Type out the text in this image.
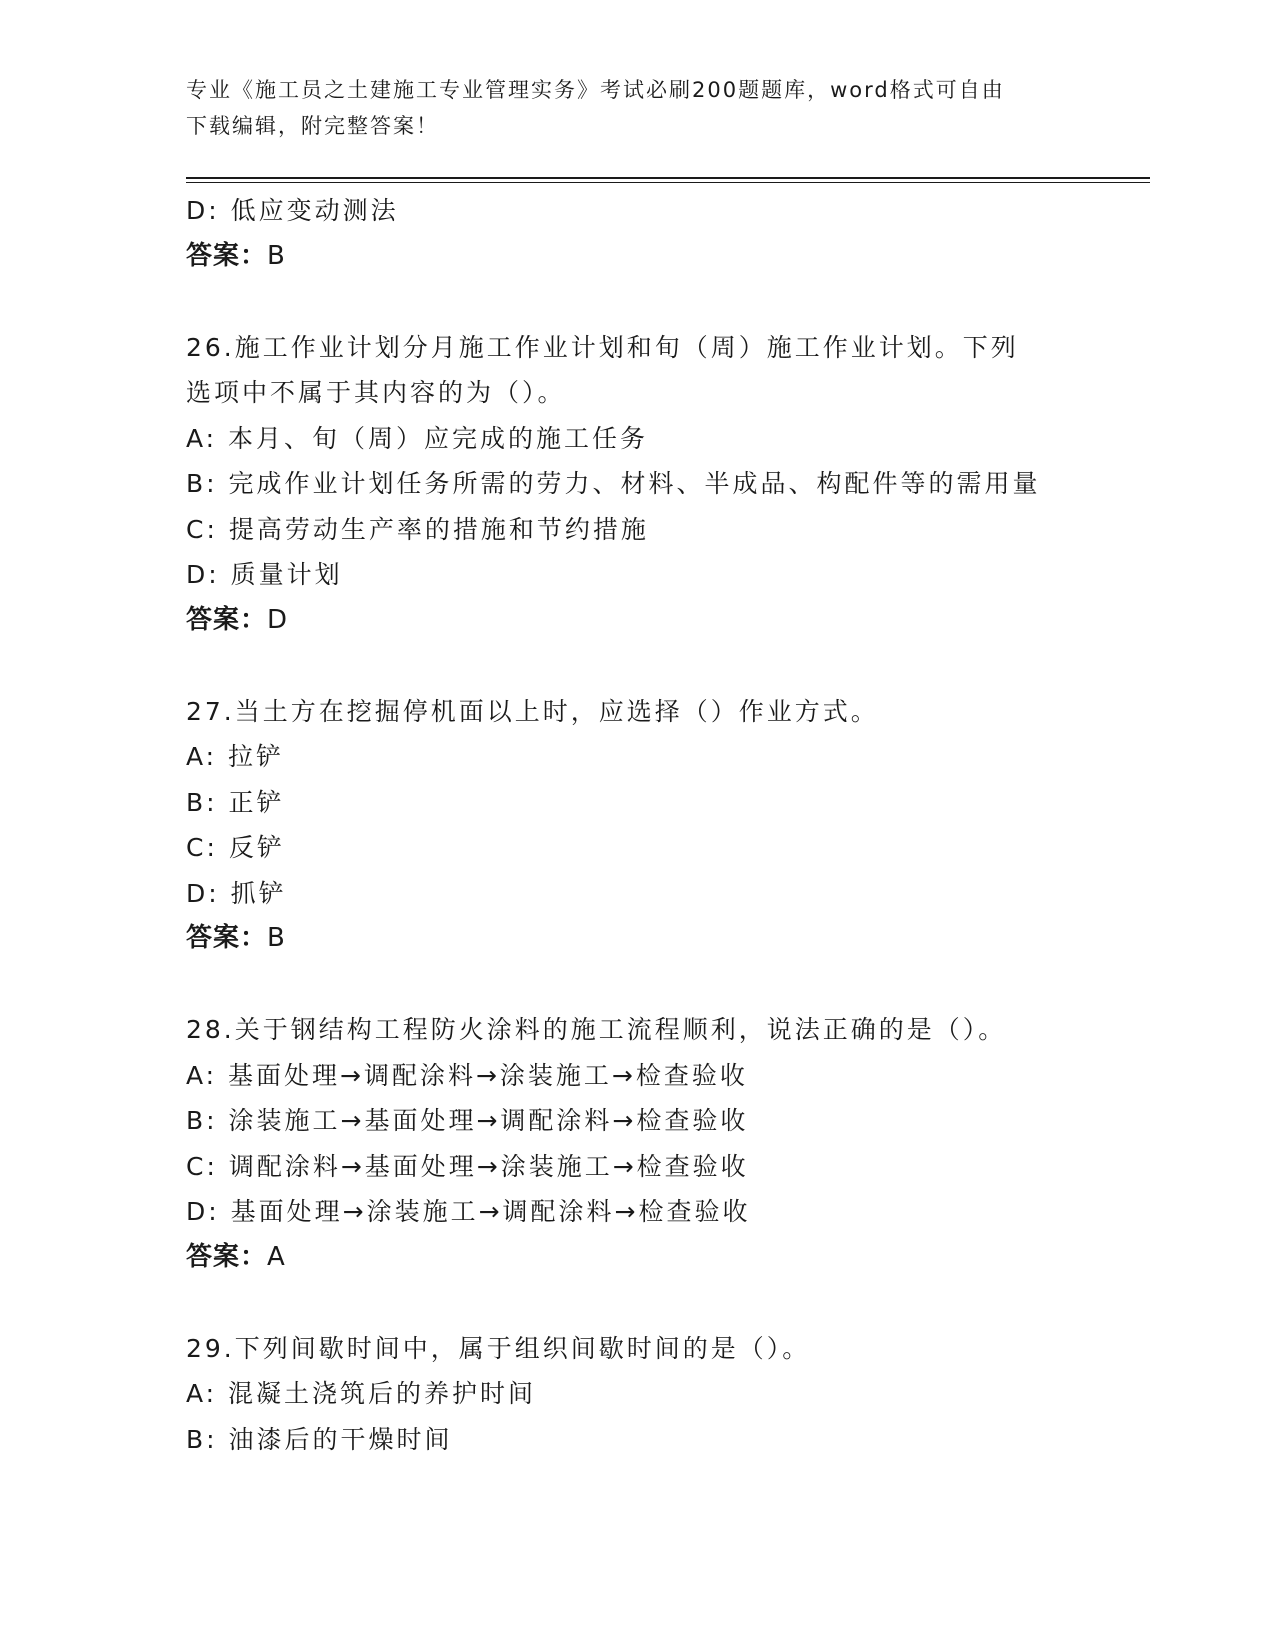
专业《施工员之土建施工专业管理实务》考试必刷200题题库，word格式可自由
下载编辑，附完整答案！
D: 低应变动测法
答案：B
26.施工作业计划分月施工作业计划和旬（周）施工作业计划。下列选项中不属于其内容的为（）。
A: 本月、旬（周）应完成的施工任务
B: 完成作业计划任务所需的劳力、材料、半成品、构配件等的需用量
C: 提高劳动生产率的措施和节约措施
D: 质量计划
答案：D
27.当土方在挖掘停机面以上时，应选择（）作业方式。
A: 拉铲
B: 正铲
C: 反铲
D: 抓铲
答案：B
28.关于钢结构工程防火涂料的施工流程顺利，说法正确的是（）。
A: 基面处理→调配涂料→涂装施工→检查验收
B: 涂装施工→基面处理→调配涂料→检查验收
C: 调配涂料→基面处理→涂装施工→检查验收
D: 基面处理→涂装施工→调配涂料→检查验收
答案：A
29.下列间歇时间中，属于组织间歇时间的是（）。
A: 混凝土浇筑后的养护时间
B: 油漆后的干燥时间
